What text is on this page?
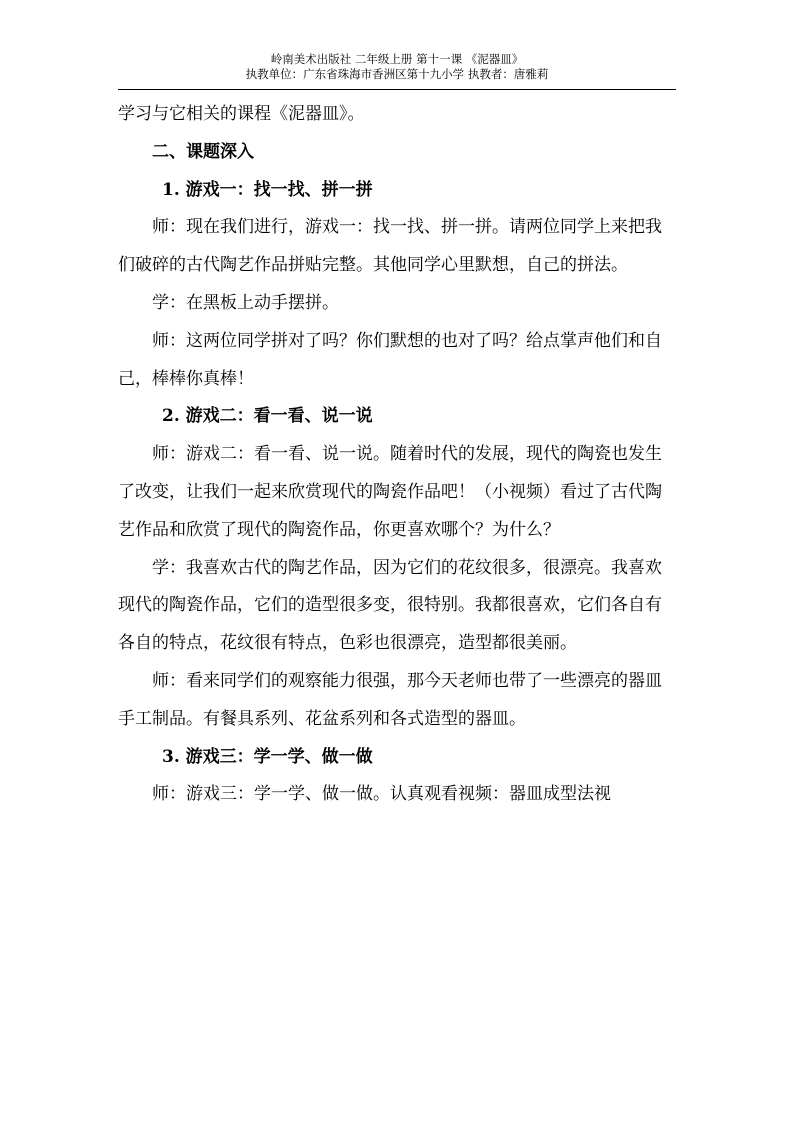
岭南美术出版社 二年级上册 第十一课 《泥器皿》
执教单位：广东省珠海市香洲区第十九小学 执教者：唐雅莉

学习与它相关的课程《泥器皿》。

二、课题深入

1. 游戏一：找一找、拼一拼

师：现在我们进行，游戏一：找一找、拼一拼。请两位同学上来把我们破碎的古代陶艺作品拼贴完整。其他同学心里默想，自己的拼法。

学：在黑板上动手摆拼。

师：这两位同学拼对了吗？你们默想的也对了吗？给点掌声他们和自己，棒棒你真棒！

2. 游戏二：看一看、说一说

师：游戏二：看一看、说一说。随着时代的发展，现代的陶瓷也发生了改变，让我们一起来欣赏现代的陶瓷作品吧！（小视频）看过了古代陶艺作品和欣赏了现代的陶瓷作品，你更喜欢哪个？为什么？

学：我喜欢古代的陶艺作品，因为它们的花纹很多，很漂亮。我喜欢现代的陶瓷作品，它们的造型很多变，很特别。我都很喜欢，它们各自有各自的特点，花纹很有特点，色彩也很漂亮，造型都很美丽。

师：看来同学们的观察能力很强，那今天老师也带了一些漂亮的器皿手工制品。有餐具系列、花盆系列和各式造型的器皿。

3. 游戏三：学一学、做一做

师：游戏三：学一学、做一做。认真观看视频：器皿成型法视
